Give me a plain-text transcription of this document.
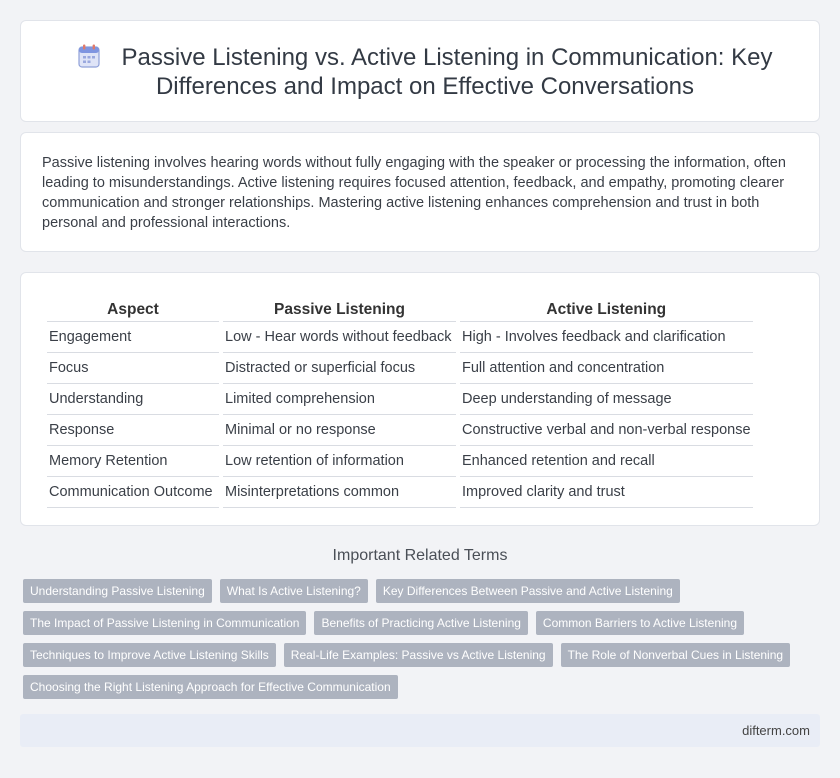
Passive Listening vs. Active Listening in Communication: Key Differences and Impact on Effective Conversations

Passive listening involves hearing words without fully engaging with the speaker or processing the information, often leading to misunderstandings. Active listening requires focused attention, feedback, and empathy, promoting clearer communication and stronger relationships. Mastering active listening enhances comprehension and trust in both personal and professional interactions.

Aspect	Passive Listening	Active Listening
Engagement	Low - Hear words without feedback	High - Involves feedback and clarification
Focus	Distracted or superficial focus	Full attention and concentration
Understanding	Limited comprehension	Deep understanding of message
Response	Minimal or no response	Constructive verbal and non-verbal response
Memory Retention	Low retention of information	Enhanced retention and recall
Communication Outcome	Misinterpretations common	Improved clarity and trust
Important Related Terms
Understanding Passive Listening	What Is Active Listening?	Key Differences Between Passive and Active Listening
The Impact of Passive Listening in Communication	Benefits of Practicing Active Listening	Common Barriers to Active Listening
Techniques to Improve Active Listening Skills	Real-Life Examples: Passive vs Active Listening	The Role of Nonverbal Cues in Listening
Choosing the Right Listening Approach for Effective Communication
difterm.com
